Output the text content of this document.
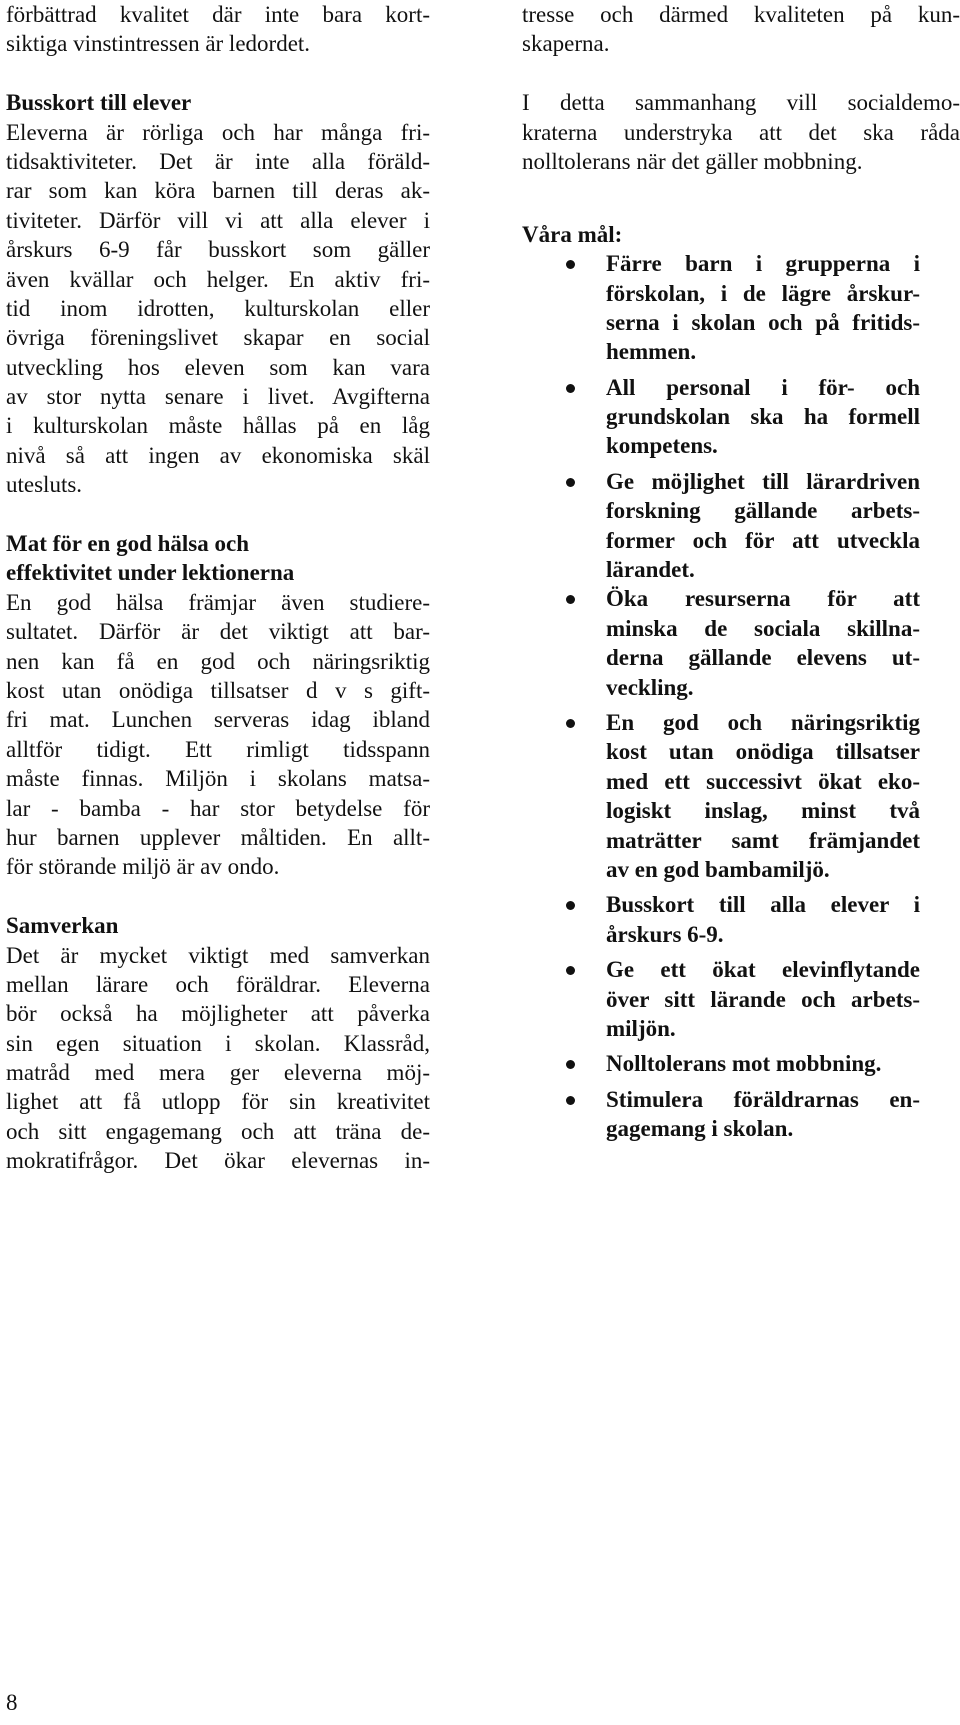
förbättrad kvalitet där inte bara kort-
siktiga vinstintressen är ledordet.
Busskort till elever
Eleverna är rörliga och har många fri-
tidsaktiviteter. Det är inte alla föräld-
rar som kan köra barnen till deras ak-
tiviteter. Därför vill vi att alla elever i
årskurs 6-9 får busskort som gäller
även kvällar och helger. En aktiv fri-
tid inom idrotten, kulturskolan eller
övriga föreningslivet skapar en social
utveckling hos eleven som kan vara
av stor nytta senare i livet. Avgifterna
i kulturskolan måste hållas på en låg
nivå så att ingen av ekonomiska skäl
utesluts.
Mat för en god hälsa och
effektivitet under lektionerna
En god hälsa främjar även studiere-
sultatet. Därför är det viktigt att bar-
nen kan få en god och näringsriktig
kost utan onödiga tillsatser d v s gift-
fri mat. Lunchen serveras idag ibland
alltför tidigt. Ett rimligt tidsspann
måste finnas. Miljön i skolans matsa-
lar - bamba - har stor betydelse för
hur barnen upplever måltiden. En allt-
för störande miljö är av ondo.
Samverkan
Det är mycket viktigt med samverkan
mellan lärare och föräldrar. Eleverna
bör också ha möjligheter att påverka
sin egen situation i skolan. Klassråd,
matråd med mera ger eleverna möj-
lighet att få utlopp för sin kreativitet
och sitt engagemang och att träna de-
mokratifrågor. Det ökar elevernas in-
tresse och därmed kvaliteten på kun-
skaperna.
I detta sammanhang vill socialdemo-
kraterna understryka att det ska råda
nolltolerans när det gäller mobbning.
Våra mål:
Färre barn i grupperna i
förskolan, i de lägre årskur-
serna i skolan och på fritids-
hemmen.
All personal i för- och
grundskolan ska ha formell
kompetens.
Ge möjlighet till lärardriven
forskning gällande arbets-
former och för att utveckla
lärandet.
Öka resurserna för att
minska de sociala skillna-
derna gällande elevens ut-
veckling.
En god och näringsriktig
kost utan onödiga tillsatser
med ett successivt ökat eko-
logiskt inslag, minst två
maträtter samt främjandet
av en god bambamiljö.
Busskort till alla elever i
årskurs 6-9.
Ge ett ökat elevinflytande
över sitt lärande och arbets-
miljön.
Nolltolerans mot mobbning.
Stimulera föräldrarnas en-
gagemang i skolan.
8
